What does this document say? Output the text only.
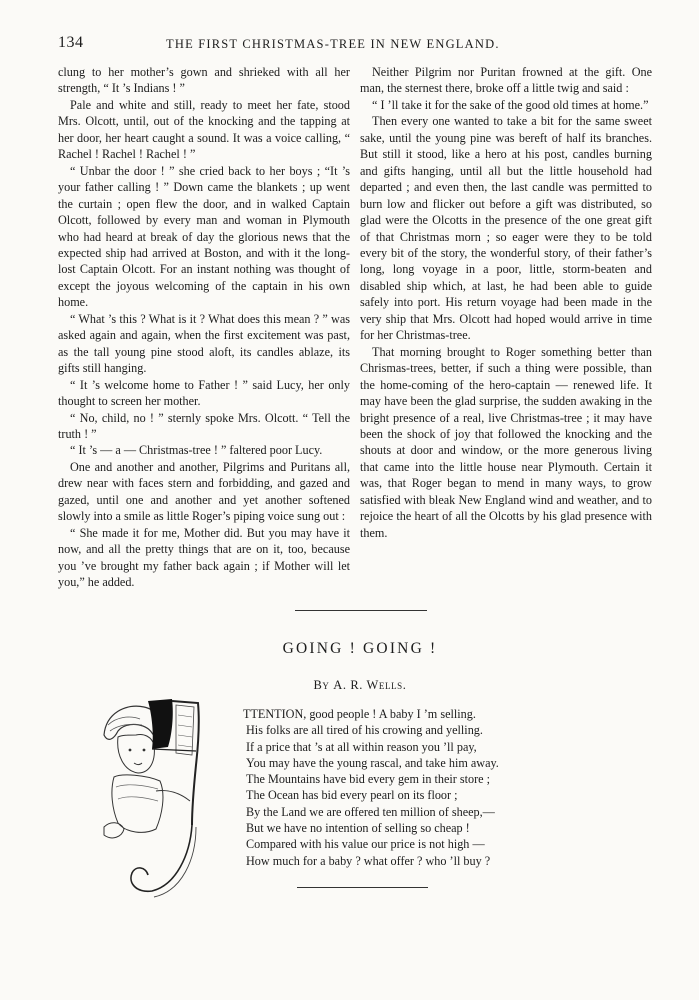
134	THE FIRST CHRISTMAS-TREE IN NEW ENGLAND.

clung to her mother’s gown and shrieked with all her strength, “ It ’s Indians ! ”

Pale and white and still, ready to meet her fate, stood Mrs. Olcott, until, out of the knocking and the tapping at her door, her heart caught a sound. It was a voice calling, “ Rachel ! Rachel ! Rachel ! ”

“ Unbar the door ! ” she cried back to her boys ; “It ’s your father calling ! ” Down came the blankets ; up went the curtain ; open flew the door, and in walked Captain Olcott, followed by every man and woman in Plymouth who had heard at break of day the glorious news that the expected ship had arrived at Boston, and with it the long-lost Captain Olcott. For an instant nothing was thought of except the joyous welcoming of the captain in his own home.

“ What ’s this ? What is it ? What does this mean ? ” was asked again and again, when the first excitement was past, as the tall young pine stood aloft, its candles ablaze, its gifts still hanging.

“ It ’s welcome home to Father ! ” said Lucy, her only thought to screen her mother.

“ No, child, no ! ” sternly spoke Mrs. Olcott. “ Tell the truth ! ”

“ It ’s — a — Christmas-tree ! ” faltered poor Lucy.

One and another and another, Pilgrims and Puritans all, drew near with faces stern and forbidding, and gazed and gazed, until one and another and yet another softened slowly into a smile as little Roger’s piping voice sung out :

“ She made it for me, Mother did. But you may have it now, and all the pretty things that are on it, too, because you ’ve brought my father back again ; if Mother will let you,” he added.

Neither Pilgrim nor Puritan frowned at the gift. One man, the sternest there, broke off a little twig and said :

“ I ’ll take it for the sake of the good old times at home.”

Then every one wanted to take a bit for the same sweet sake, until the young pine was bereft of half its branches. But still it stood, like a hero at his post, candles burning and gifts hanging, until all but the little household had departed ; and even then, the last candle was permitted to burn low and flicker out before a gift was distributed, so glad were the Olcotts in the presence of the one great gift of that Christmas morn ; so eager were they to be told every bit of the story, the wonderful story, of their father’s long, long voyage in a poor, little, storm-beaten and disabled ship which, at last, he had been able to guide safely into port. His return voyage had been made in the very ship that Mrs. Olcott had hoped would arrive in time for her Christmas-tree.

That morning brought to Roger something better than Chrismas-trees, better, if such a thing were possible, than the home-coming of the hero-captain — renewed life. It may have been the glad surprise, the sudden awaking in the bright presence of a real, live Christmas-tree ; it may have been the shock of joy that followed the knocking and the shouts at door and window, or the more generous living that came into the little house near Plymouth. Certain it was, that Roger began to mend in many ways, to grow satisfied with bleak New England wind and weather, and to rejoice the heart of all the Olcotts by his glad presence with them.

GOING ! GOING !
By A. R. Wells.
TTENTION, good people ! A baby I ’m selling.
His folks are all tired of his crowing and yelling.
If a price that ’s at all within reason you ’ll pay,
You may have the young rascal, and take him away.
The Mountains have bid every gem in their store ;
The Ocean has bid every pearl on its floor ;
By the Land we are offered ten million of sheep,—
But we have no intention of selling so cheap !
Compared with his value our price is not high —
How much for a baby ? what offer ? who ’ll buy ?
